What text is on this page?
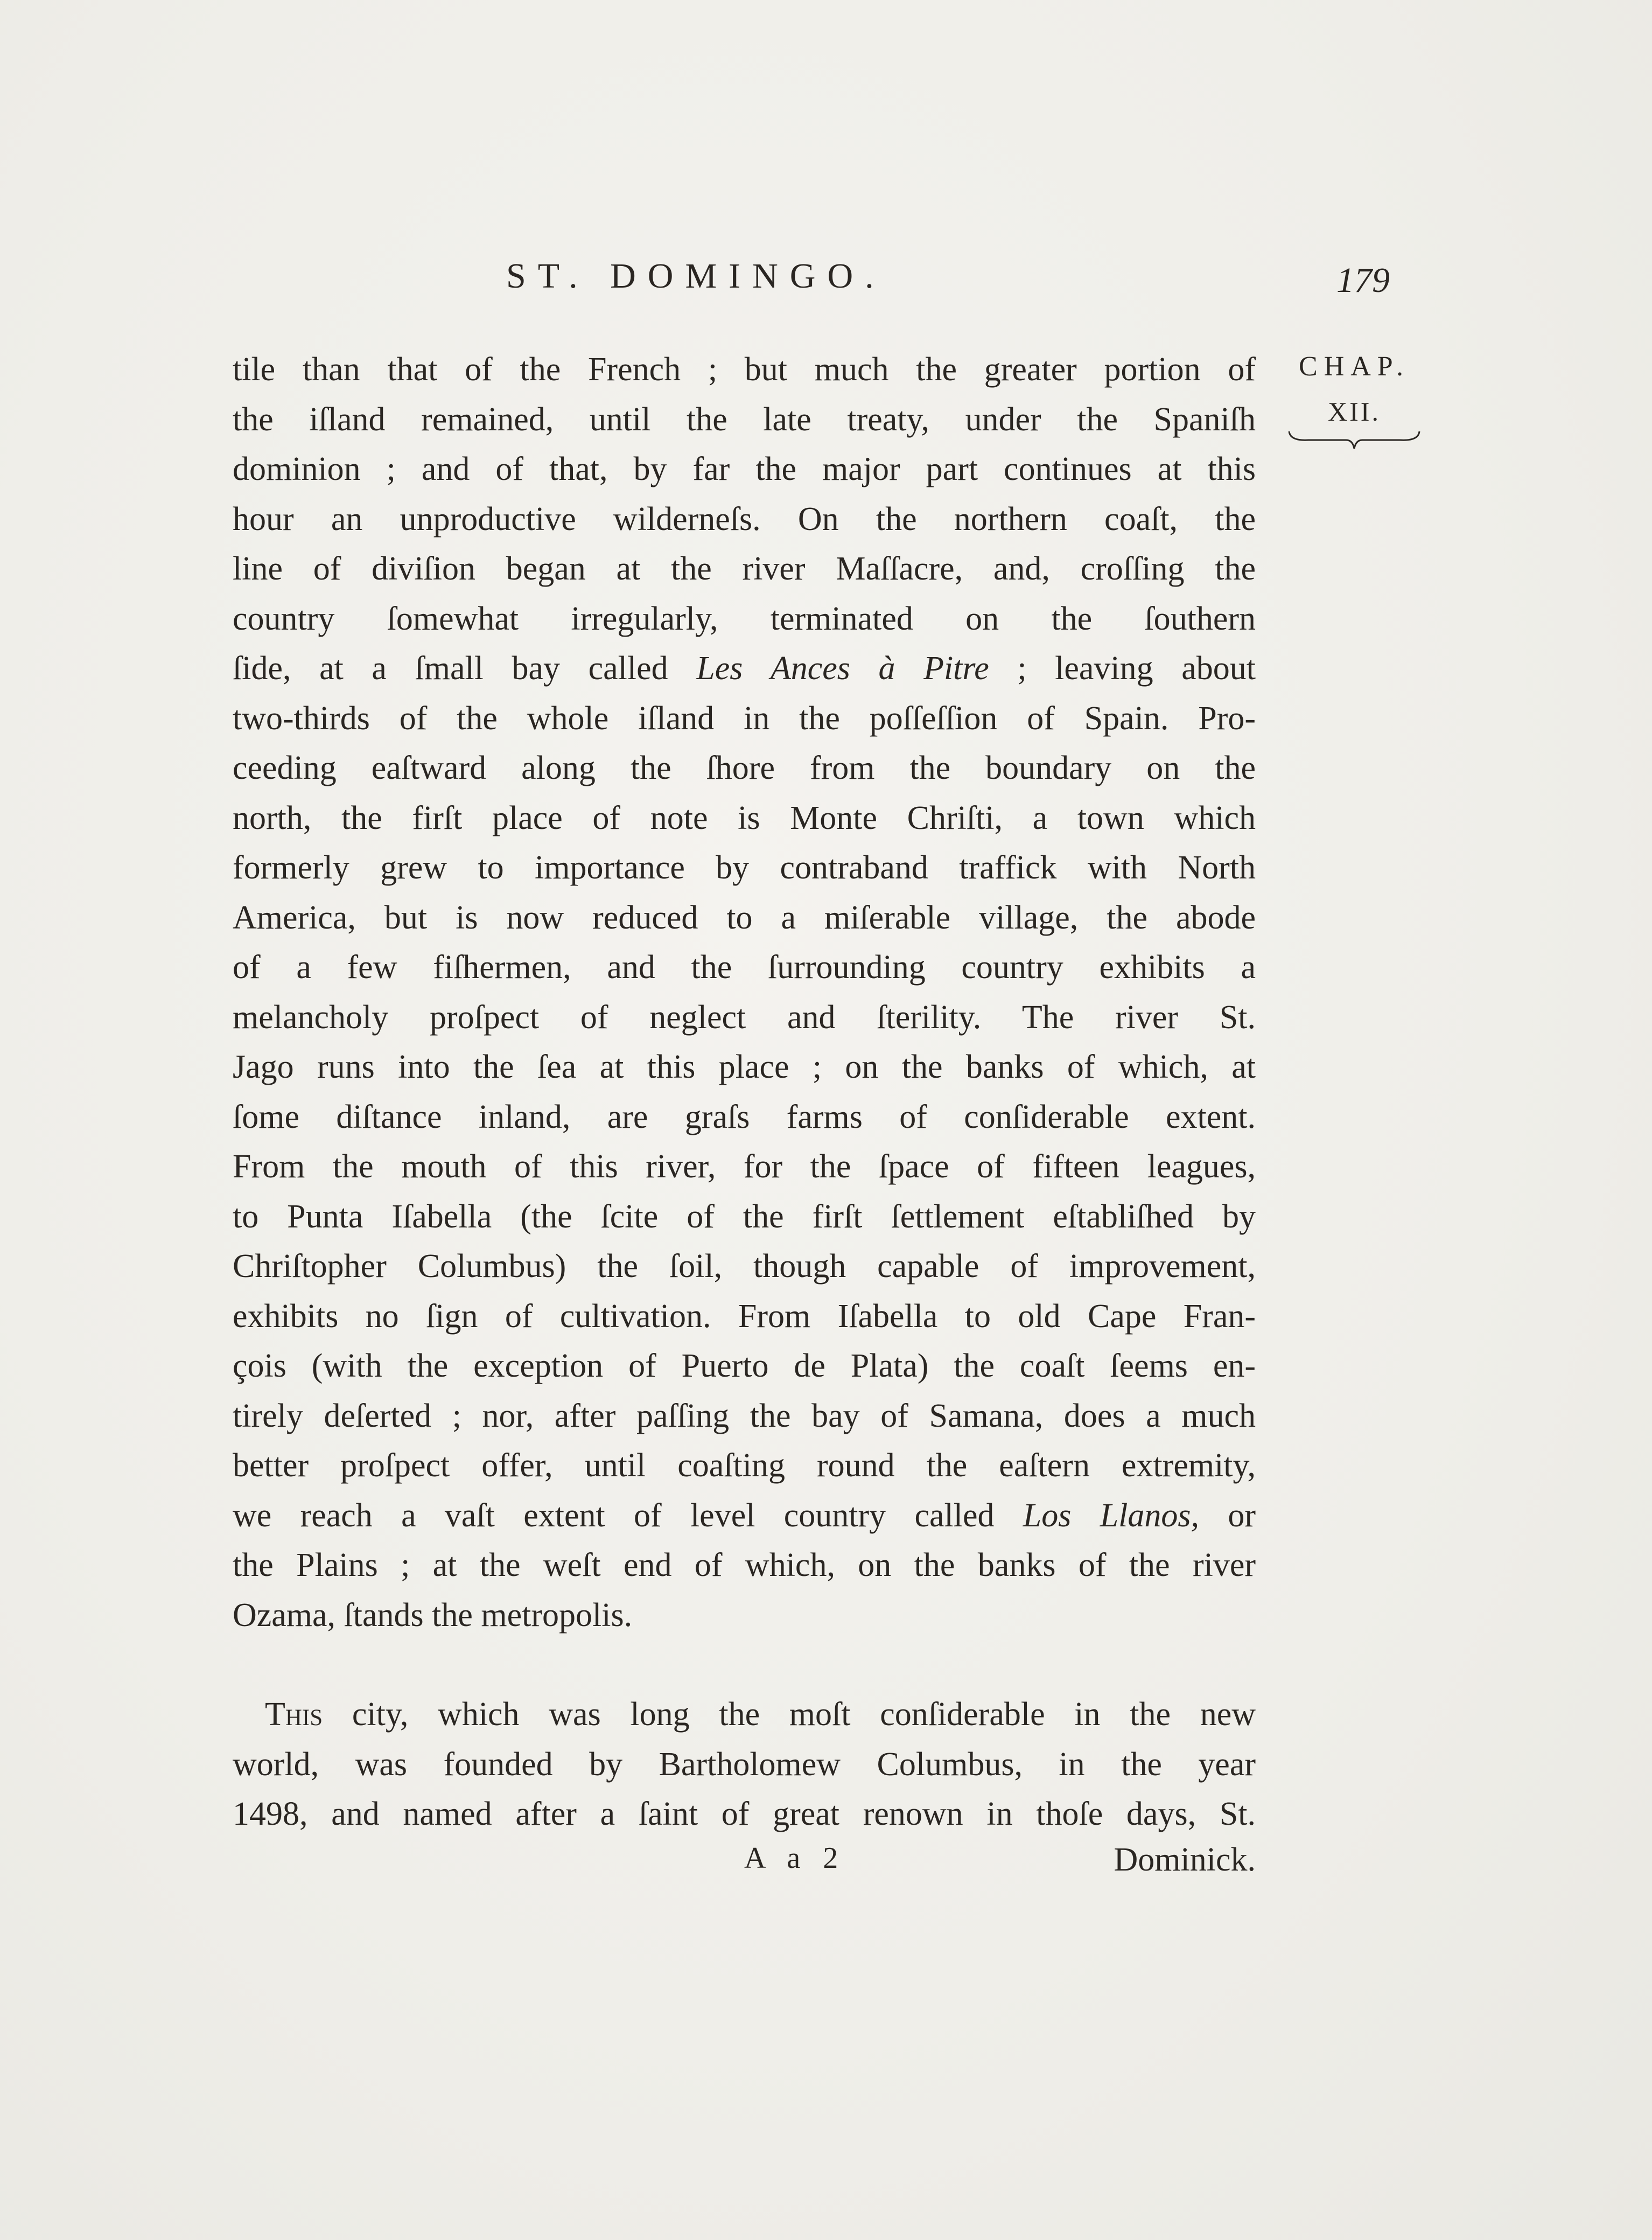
ST. DOMINGO.	179
CHAP.
XII.
tile than that of the French ; but much the greater portion of
the iſland remained, until the late treaty, under the Spaniſh
dominion ; and of that, by far the major part continues at this
hour an unproductive wilderneſs. On the northern coaſt, the
line of diviſion began at the river Maſſacre, and, croſſing the
country ſomewhat irregularly, terminated on the ſouthern
ſide, at a ſmall bay called Les Ances à Pitre ; leaving about
two-thirds of the whole iſland in the poſſeſſion of Spain. Pro-
ceeding eaſtward along the ſhore from the boundary on the
north, the firſt place of note is Monte Chriſti, a town which
formerly grew to importance by contraband traffick with North
America, but is now reduced to a miſerable village, the abode
of a few fiſhermen, and the ſurrounding country exhibits a
melancholy proſpect of neglect and ſterility. The river St.
Jago runs into the ſea at this place ; on the banks of which, at
ſome diſtance inland, are graſs farms of conſiderable extent.
From the mouth of this river, for the ſpace of fifteen leagues,
to Punta Iſabella (the ſcite of the firſt ſettlement eſtabliſhed by
Chriſtopher Columbus) the ſoil, though capable of improvement,
exhibits no ſign of cultivation. From Iſabella to old Cape Fran-
çois (with the exception of Puerto de Plata) the coaſt ſeems en-
tirely deſerted ; nor, after paſſing the bay of Samana, does a much
better proſpect offer, until coaſting round the eaſtern extremity,
we reach a vaſt extent of level country called Los Llanos, or
the Plains ; at the weſt end of which, on the banks of the river
Ozama, ſtands the metropolis.
This city, which was long the moſt conſiderable in the new
world, was founded by Bartholomew Columbus, in the year
1498, and named after a ſaint of great renown in thoſe days, St.
A a 2	Dominick.
